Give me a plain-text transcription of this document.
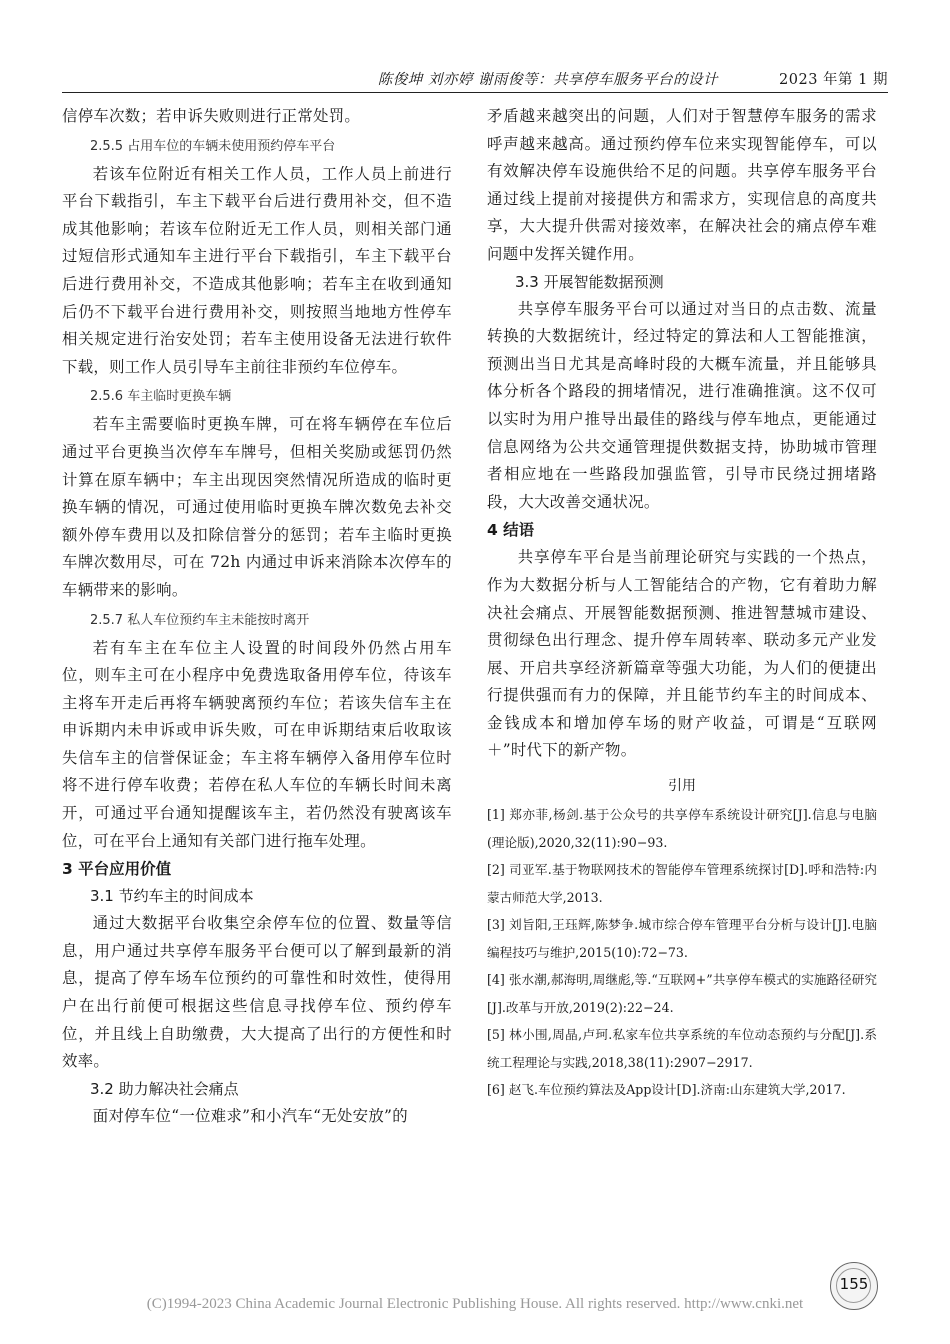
陈俊坤 刘亦婷 谢雨俊等：共享停车服务平台的设计	2023 年第 1 期

信停车次数；若申诉失败则进行正常处罚。

2.5.5 占用车位的车辆未使用预约停车平台

若该车位附近有相关工作人员，工作人员上前进行平台下载指引，车主下载平台后进行费用补交，但不造成其他影响；若该车位附近无工作人员，则相关部门通过短信形式通知车主进行平台下载指引，车主下载平台后进行费用补交，不造成其他影响；若车主在收到通知后仍不下载平台进行费用补交，则按照当地地方性停车相关规定进行治安处罚；若车主使用设备无法进行软件下载，则工作人员引导车主前往非预约车位停车。

2.5.6 车主临时更换车辆

若车主需要临时更换车牌，可在将车辆停在车位后通过平台更换当次停车车牌号，但相关奖励或惩罚仍然计算在原车辆中；车主出现因突然情况所造成的临时更换车辆的情况，可通过使用临时更换车牌次数免去补交额外停车费用以及扣除信誉分的惩罚；若车主临时更换车牌次数用尽，可在 72h 内通过申诉来消除本次停车的车辆带来的影响。

2.5.7 私人车位预约车主未能按时离开

若有车主在车位主人设置的时间段外仍然占用车位，则车主可在小程序中免费选取备用停车位，待该车主将车开走后再将车辆驶离预约车位；若该失信车主在申诉期内未申诉或申诉失败，可在申诉期结束后收取该失信车主的信誉保证金；车主将车辆停入备用停车位时将不进行停车收费；若停在私人车位的车辆长时间未离开，可通过平台通知提醒该车主，若仍然没有驶离该车位，可在平台上通知有关部门进行拖车处理。

3 平台应用价值
3.1 节约车主的时间成本

通过大数据平台收集空余停车位的位置、数量等信息，用户通过共享停车服务平台便可以了解到最新的消息，提高了停车场车位预约的可靠性和时效性，使得用户在出行前便可根据这些信息寻找停车位、预约停车位，并且线上自助缴费，大大提高了出行的方便性和时效率。

3.2 助力解决社会痛点

面对停车位“一位难求”和小汽车“无处安放”的

矛盾越来越突出的问题，人们对于智慧停车服务的需求呼声越来越高。通过预约停车位来实现智能停车，可以有效解决停车设施供给不足的问题。共享停车服务平台通过线上提前对接提供方和需求方，实现信息的高度共享，大大提升供需对接效率，在解决社会的痛点停车难问题中发挥关键作用。

3.3 开展智能数据预测

共享停车服务平台可以通过对当日的点击数、流量转换的大数据统计，经过特定的算法和人工智能推演，预测出当日尤其是高峰时段的大概车流量，并且能够具体分析各个路段的拥堵情况，进行准确推演。这不仅可以实时为用户推导出最佳的路线与停车地点，更能通过信息网络为公共交通管理提供数据支持，协助城市管理者相应地在一些路段加强监管，引导市民绕过拥堵路段，大大改善交通状况。

4 结语

共享停车平台是当前理论研究与实践的一个热点，作为大数据分析与人工智能结合的产物，它有着助力解决社会痛点、开展智能数据预测、推进智慧城市建设、贯彻绿色出行理念、提升停车周转率、联动多元产业发展、开启共享经济新篇章等强大功能，为人们的便捷出行提供强而有力的保障，并且能节约车主的时间成本、金钱成本和增加停车场的财产收益，可谓是“互联网＋”时代下的新产物。

引用
[1] 郑亦菲,杨剑.基于公众号的共享停车系统设计研究[J].信息与电脑(理论版),2020,32(11):90−93.
[2] 司亚军.基于物联网技术的智能停车管理系统探讨[D].呼和浩特:内蒙古师范大学,2013.
[3] 刘旨阳,王珏辉,陈梦争.城市综合停车管理平台分析与设计[J].电脑编程技巧与维护,2015(10):72−73.
[4] 张水潮,郝海明,周继彪,等.“互联网+”共享停车模式的实施路径研究[J].改革与开放,2019(2):22−24.
[5] 林小围,周晶,卢珂.私家车位共享系统的车位动态预约与分配[J].系统工程理论与实践,2018,38(11):2907−2917.
[6] 赵飞.车位预约算法及App设计[D].济南:山东建筑大学,2017.
155
(C)1994-2023 China Academic Journal Electronic Publishing House. All rights reserved. http://www.cnki.net
